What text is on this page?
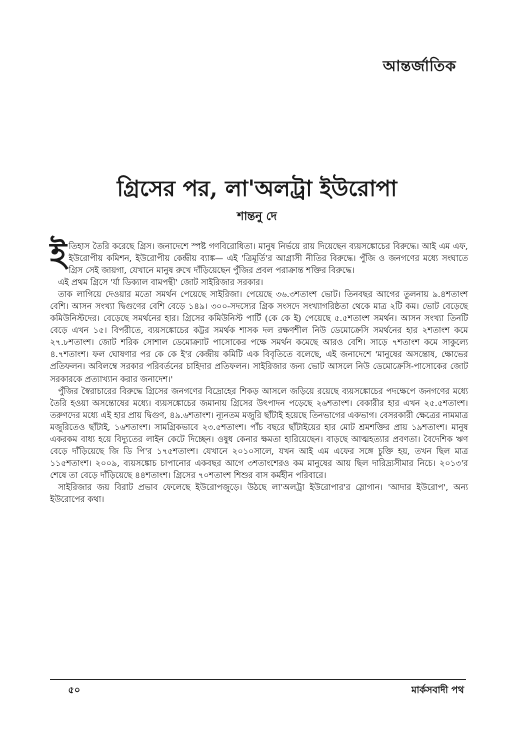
আন্তর্জাতিক
গ্রিসের পর, লা'অলট্রা ইউরোপা
শান্তনু দে

ইতিহাস তৈরি করেছে গ্রিস। জনাদেশে স্পষ্ট গণবিরোধিতা। মানুষ নির্ভয়ে রায় দিয়েছেন ব্যয়সঙ্কোচের বিরুদ্ধে। আই এম এফ, ইউরোপীয় কমিশন, ইউরোপীয় কেন্দ্রীয় ব্যাঙ্ক— এই 'ত্রিমূর্তি'র আগ্রাসী নীতির বিরুদ্ধে। পুঁজি ও জনগণের মধ্যে সংঘাতে গ্রিস সেই জায়গা, যেখানে মানুষ রুখে দাঁড়িয়েছেন পুঁজির প্রবল পরাক্রান্ত শক্তির বিরুদ্ধে।

এই প্রথম গ্রিসে 'র্যা ডিক্যাল বামপন্থী' জোট সাইরিজার সরকার।

তাক লাগিয়ে দেওয়ার মতো সমর্থন পেয়েছে সাইরিজা। পেয়েছে ৩৬.৩শতাংশ ভোট। তিনবছর আগের তুলনায় ৯.৪শতাংশ বেশি। আসন সংখ্যা দ্বিগুণের বেশি বেড়ে ১৪৯। ৩০০-সদস্যের গ্রিক সংসদে সংখ্যাগরিষ্ঠতা থেকে মাত্র ২টি কম। ভোট বেড়েছে কমিউনিস্টদের। বেড়েছে সমর্থনের হার। গ্রিসের কমিউনিস্ট পার্টি (কে কে ই) পেয়েছে ৫.৫শতাংশ সমর্থন। আসন সংখ্যা তিনটি বেড়ে এখন ১৫। বিপরীতে, ব্যয়সঙ্কোচের কট্টর সমর্থক শাসক দল রক্ষণশীল নিউ ডেমোক্রেসি সমর্থনের হার ২শতাংশ কমে ২৭.৮শতাংশ। জোট শরিক সোশাল ডেমোক্র্যাট পাসোকের পক্ষে সমর্থন কমেছে আরও বেশি। সাড়ে ৭শতাংশ কমে সাকুল্যে ৪.৭শতাংশ। ফল ঘোষণার পর কে কে ই'র কেন্দ্রীয় কমিটি এক বিবৃতিতে বলেছে, এই জনাদেশে 'মানুষের অসন্তোষ, ক্ষোভের প্রতিফলন। অবিলম্বে সরকার পরিবর্তনের চাহিদার প্রতিফলন। সাইরিজার জন্য ভোট আসলে নিউ ডেমোক্রেসি-পাসোকের জোট সরকারকে প্রত্যাখ্যান করার জনাদেশ।'

পুঁজির স্বৈরাচারের বিরুদ্ধে গ্রিসের জনগণের বিদ্রোহের শিকড় আসলে জড়িয়ে রয়েছে ব্যয়সঙ্কোচের পদক্ষেপে জনগণের মধ্যে তৈরি হওয়া অসন্তোষের মধ্যে। ব্যয়সঙ্কোচের জমানায় গ্রিসের উৎপাদন পড়েছে ২৬শতাংশ। বেকারীর হার এখন ২৫.৫শতাংশ। তরুণদের মধ্যে এই হার প্রায় দ্বিগুণ, ৪৯.৬শতাংশ। ন্যূনতম মজুরি ছাঁটাই হয়েছে তিনভাগের একভাগ। বেসরকারী ক্ষেত্রের নামমাত্র মজুরিতেও ছাঁটাই, ১৬শতাংশ। সামগ্রিকভাবে ২৩.৫শতাংশ। পাঁচ বছরে ছাঁটাইয়ের হার মোট শ্রমশক্তির প্রায় ১৯শতাংশ। মানুষ একরকম বাধ্য হয়ে বিদ্যুতের লাইন কেটে দিচ্ছেন। ওষুধ কেনার ক্ষমতা হারিয়েছেন। বাড়ছে আত্মহত্যার প্রবণতা। বৈদেশিক ঋণ বেড়ে দাঁড়িয়েছে জি ডি পি'র ১৭৫শতাংশ। যেখানে ২০১০সালে, যখন আই এম এফের সঙ্গে চুক্তি হয়, তখন ছিল মাত্র ১১৫শতাংশ। ২০০৯, ব্যয়সঙ্কোচ চাপানোর একবছর আগে ৩শতাংশেরও কম মানুষের আয় ছিল দারিদ্র্যসীমার নিচে। ২০১৩'র শেষে তা বেড়ে দাঁড়িয়েছে ৪৪শতাংশ। গ্রিসের ৭০শতাংশ শিশুর বাস কর্মহীন পরিবারে।

সাইরিজার জয় বিরাট প্রভাব ফেলেছে ইউরোপজুড়ে। উঠছে লা'অলট্রা ইউরোপার'র স্লোগান। 'আদার ইউরোপ', অন্য ইউরোপের কথা।

৫০	মার্কসবাদী পথ
